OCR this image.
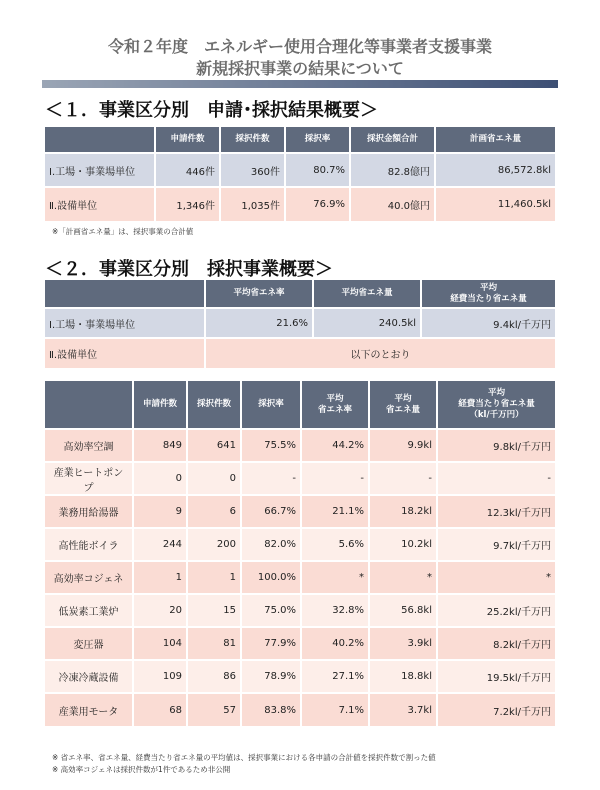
令和２年度　エネルギー使用合理化等事業者支援事業
新規採択事業の結果について
＜１．事業区分別　申請･採択結果概要＞
	申請件数	採択件数	採択率	採択金額合計	計画省エネ量
Ⅰ.工場・事業場単位	446件	360件	80.7%	82.8億円	86,572.8kl
Ⅱ.設備単位	1,346件	1,035件	76.9%	40.0億円	11,460.5kl
※「計画省エネ量」は、採択事業の合計値
＜２．事業区分別　採択事業概要＞
	平均省エネ率	平均省エネ量	平均
経費当たり省エネ量
Ⅰ.工場・事業場単位	21.6%	240.5kl	9.4kl/千万円
Ⅱ.設備単位	以下のとおり		
	申請件数	採択件数	採択率	平均
省エネ率	平均
省エネ量	平均
経費当たり省エネ量
（kl/千万円）
高効率空調	849	641	75.5%	44.2%	9.9kl	9.8kl/千万円
産業ヒートポンプ	0	0	-	-	-	-
業務用給湯器	9	6	66.7%	21.1%	18.2kl	12.3kl/千万円
高性能ボイラ	244	200	82.0%	5.6%	10.2kl	9.7kl/千万円
高効率コジェネ	1	1	100.0%	*	*	*
低炭素工業炉	20	15	75.0%	32.8%	56.8kl	25.2kl/千万円
変圧器	104	81	77.9%	40.2%	3.9kl	8.2kl/千万円
冷凍冷蔵設備	109	86	78.9%	27.1%	18.8kl	19.5kl/千万円
産業用モータ	68	57	83.8%	7.1%	3.7kl	7.2kl/千万円
※ 省エネ率、省エネ量、経費当たり省エネ量の平均値は、採択事業における各申請の合計値を採択件数で割った値
※ 高効率コジェネは採択件数が1件であるため非公開
